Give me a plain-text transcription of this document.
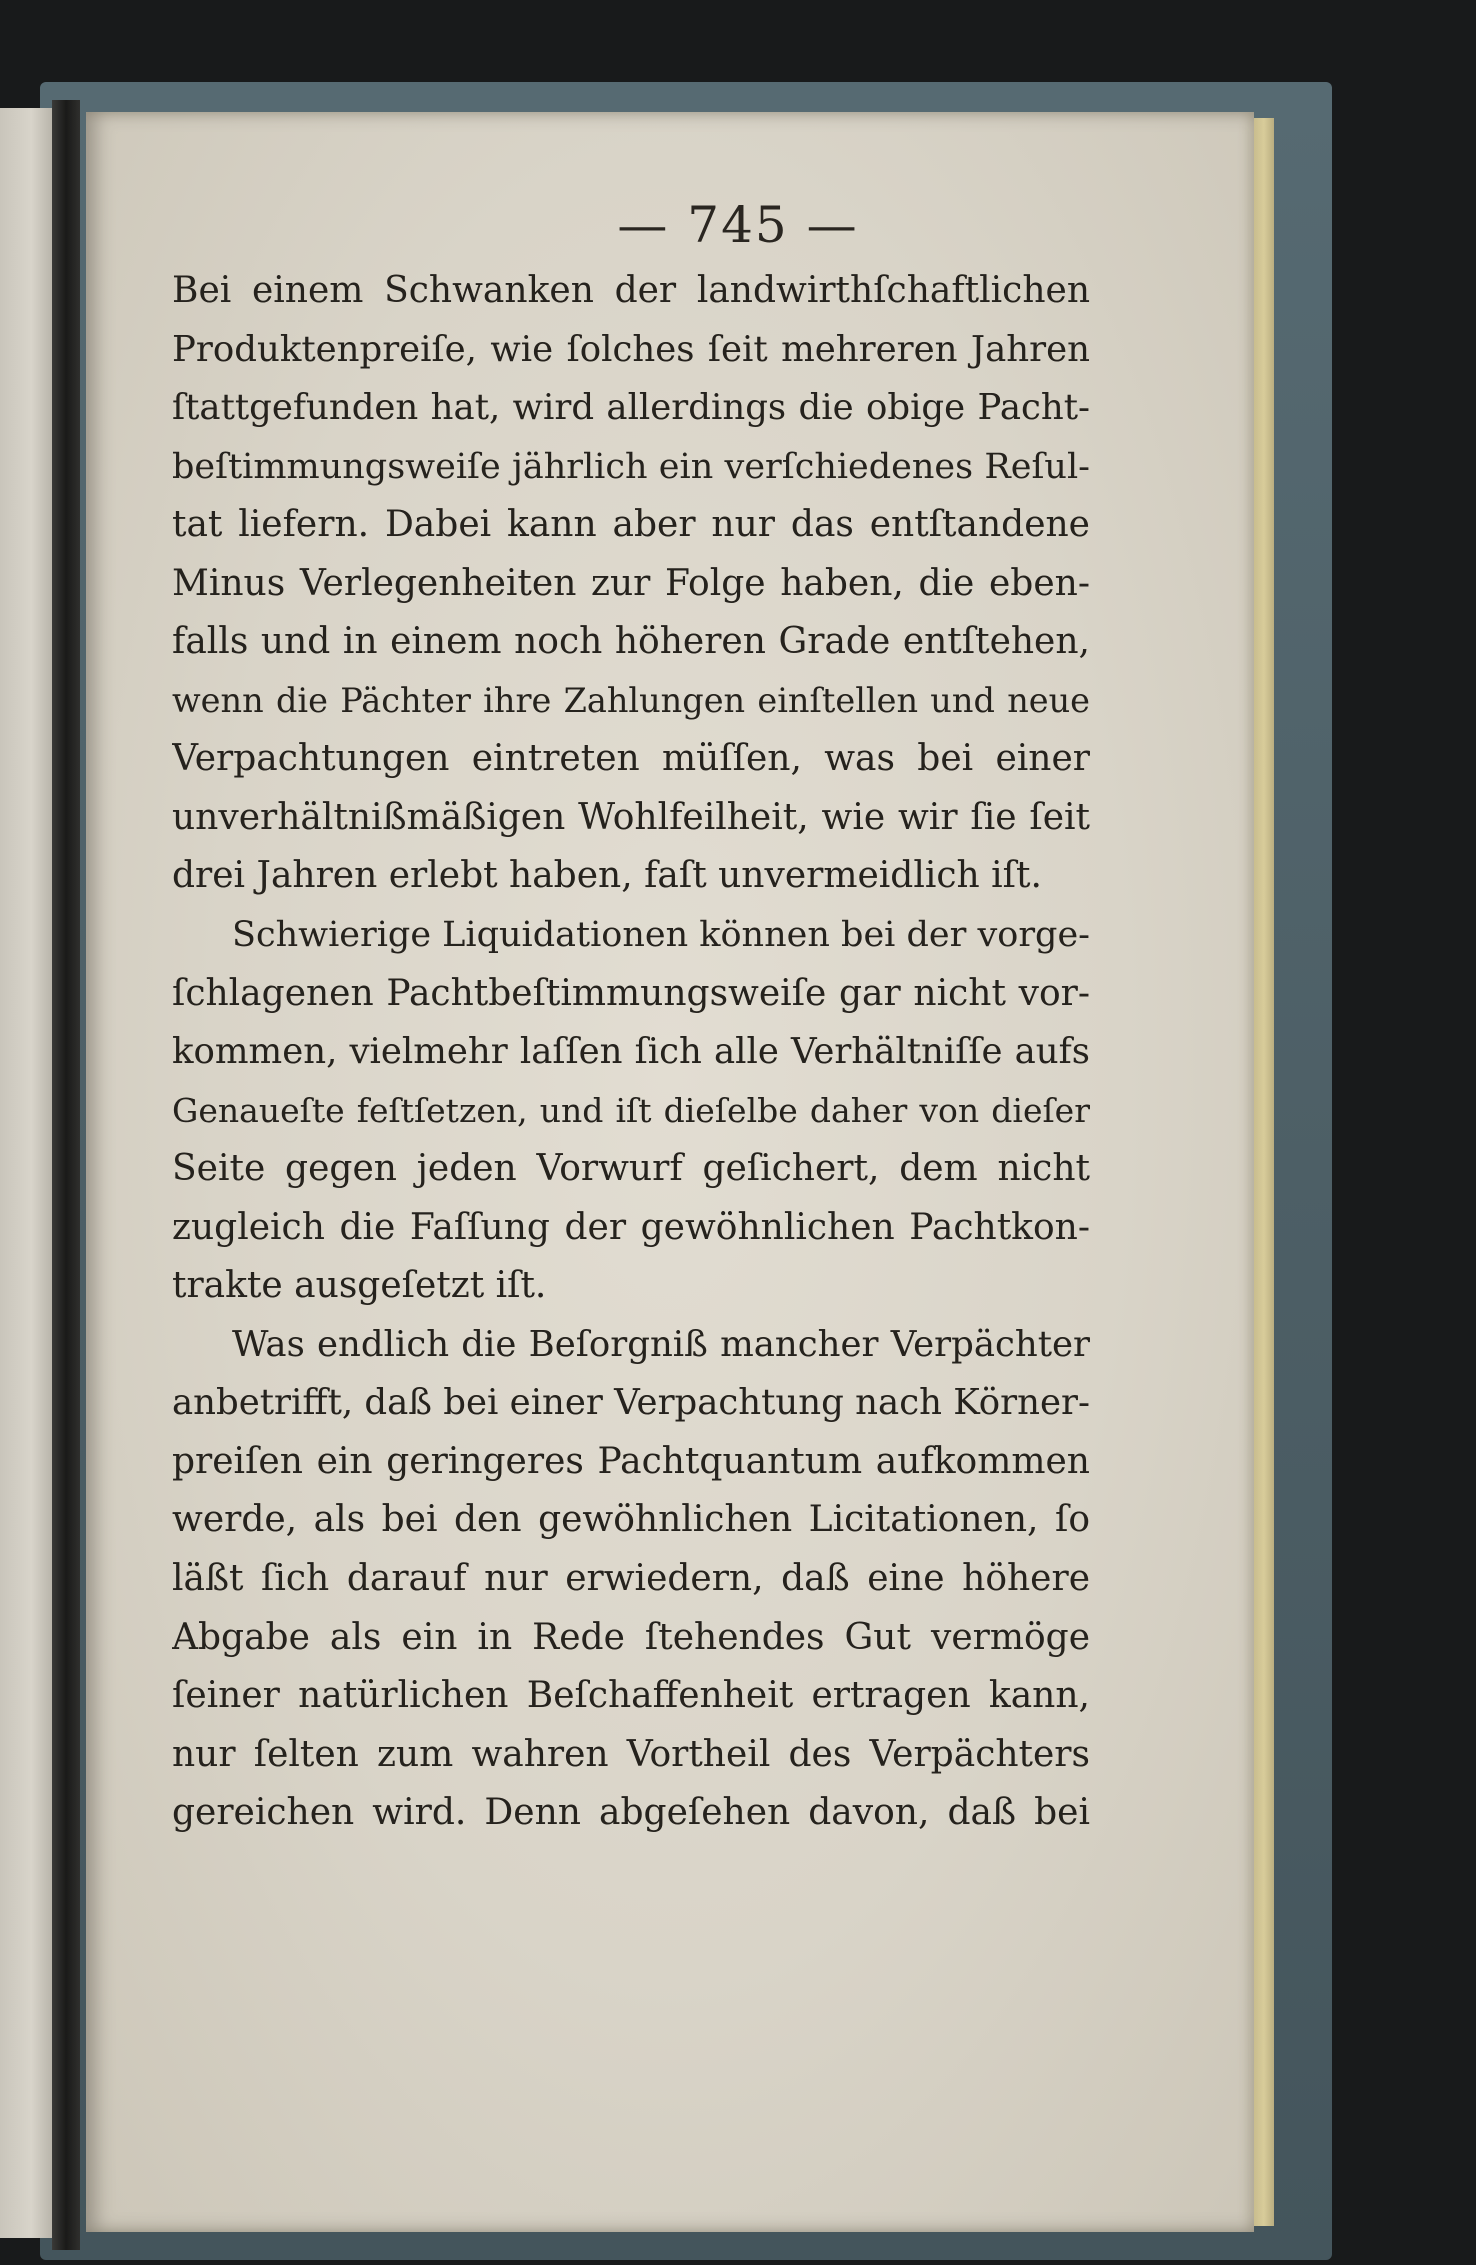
— 745 —

Bei einem Schwanken der landwirthſchaftlichen
Produktenpreiſe, wie ſolches ſeit mehreren Jahren
ſtattgefunden hat, wird allerdings die obige Pacht-
beſtimmungsweiſe jährlich ein verſchiedenes Reſul-
tat liefern. Dabei kann aber nur das entſtandene
Minus Verlegenheiten zur Folge haben, die eben-
falls und in einem noch höheren Grade entſtehen,
wenn die Pächter ihre Zahlungen einſtellen und neue
Verpachtungen eintreten müſſen, was bei einer
unverhältnißmäßigen Wohlfeilheit, wie wir ſie ſeit
drei Jahren erlebt haben, faſt unvermeidlich iſt.
Schwierige Liquidationen können bei der vorge-
ſchlagenen Pachtbeſtimmungsweiſe gar nicht vor-
kommen, vielmehr laſſen ſich alle Verhältniſſe aufs
Genaueſte feſtſetzen, und iſt dieſelbe daher von dieſer
Seite gegen jeden Vorwurf geſichert, dem nicht
zugleich die Faſſung der gewöhnlichen Pachtkon-
trakte ausgeſetzt iſt.
Was endlich die Beſorgniß mancher Verpächter
anbetrifft, daß bei einer Verpachtung nach Körner-
preiſen ein geringeres Pachtquantum aufkommen
werde, als bei den gewöhnlichen Licitationen, ſo
läßt ſich darauf nur erwiedern, daß eine höhere
Abgabe als ein in Rede ſtehendes Gut vermöge
ſeiner natürlichen Beſchaffenheit ertragen kann,
nur ſelten zum wahren Vortheil des Verpächters
gereichen wird. Denn abgeſehen davon, daß bei
